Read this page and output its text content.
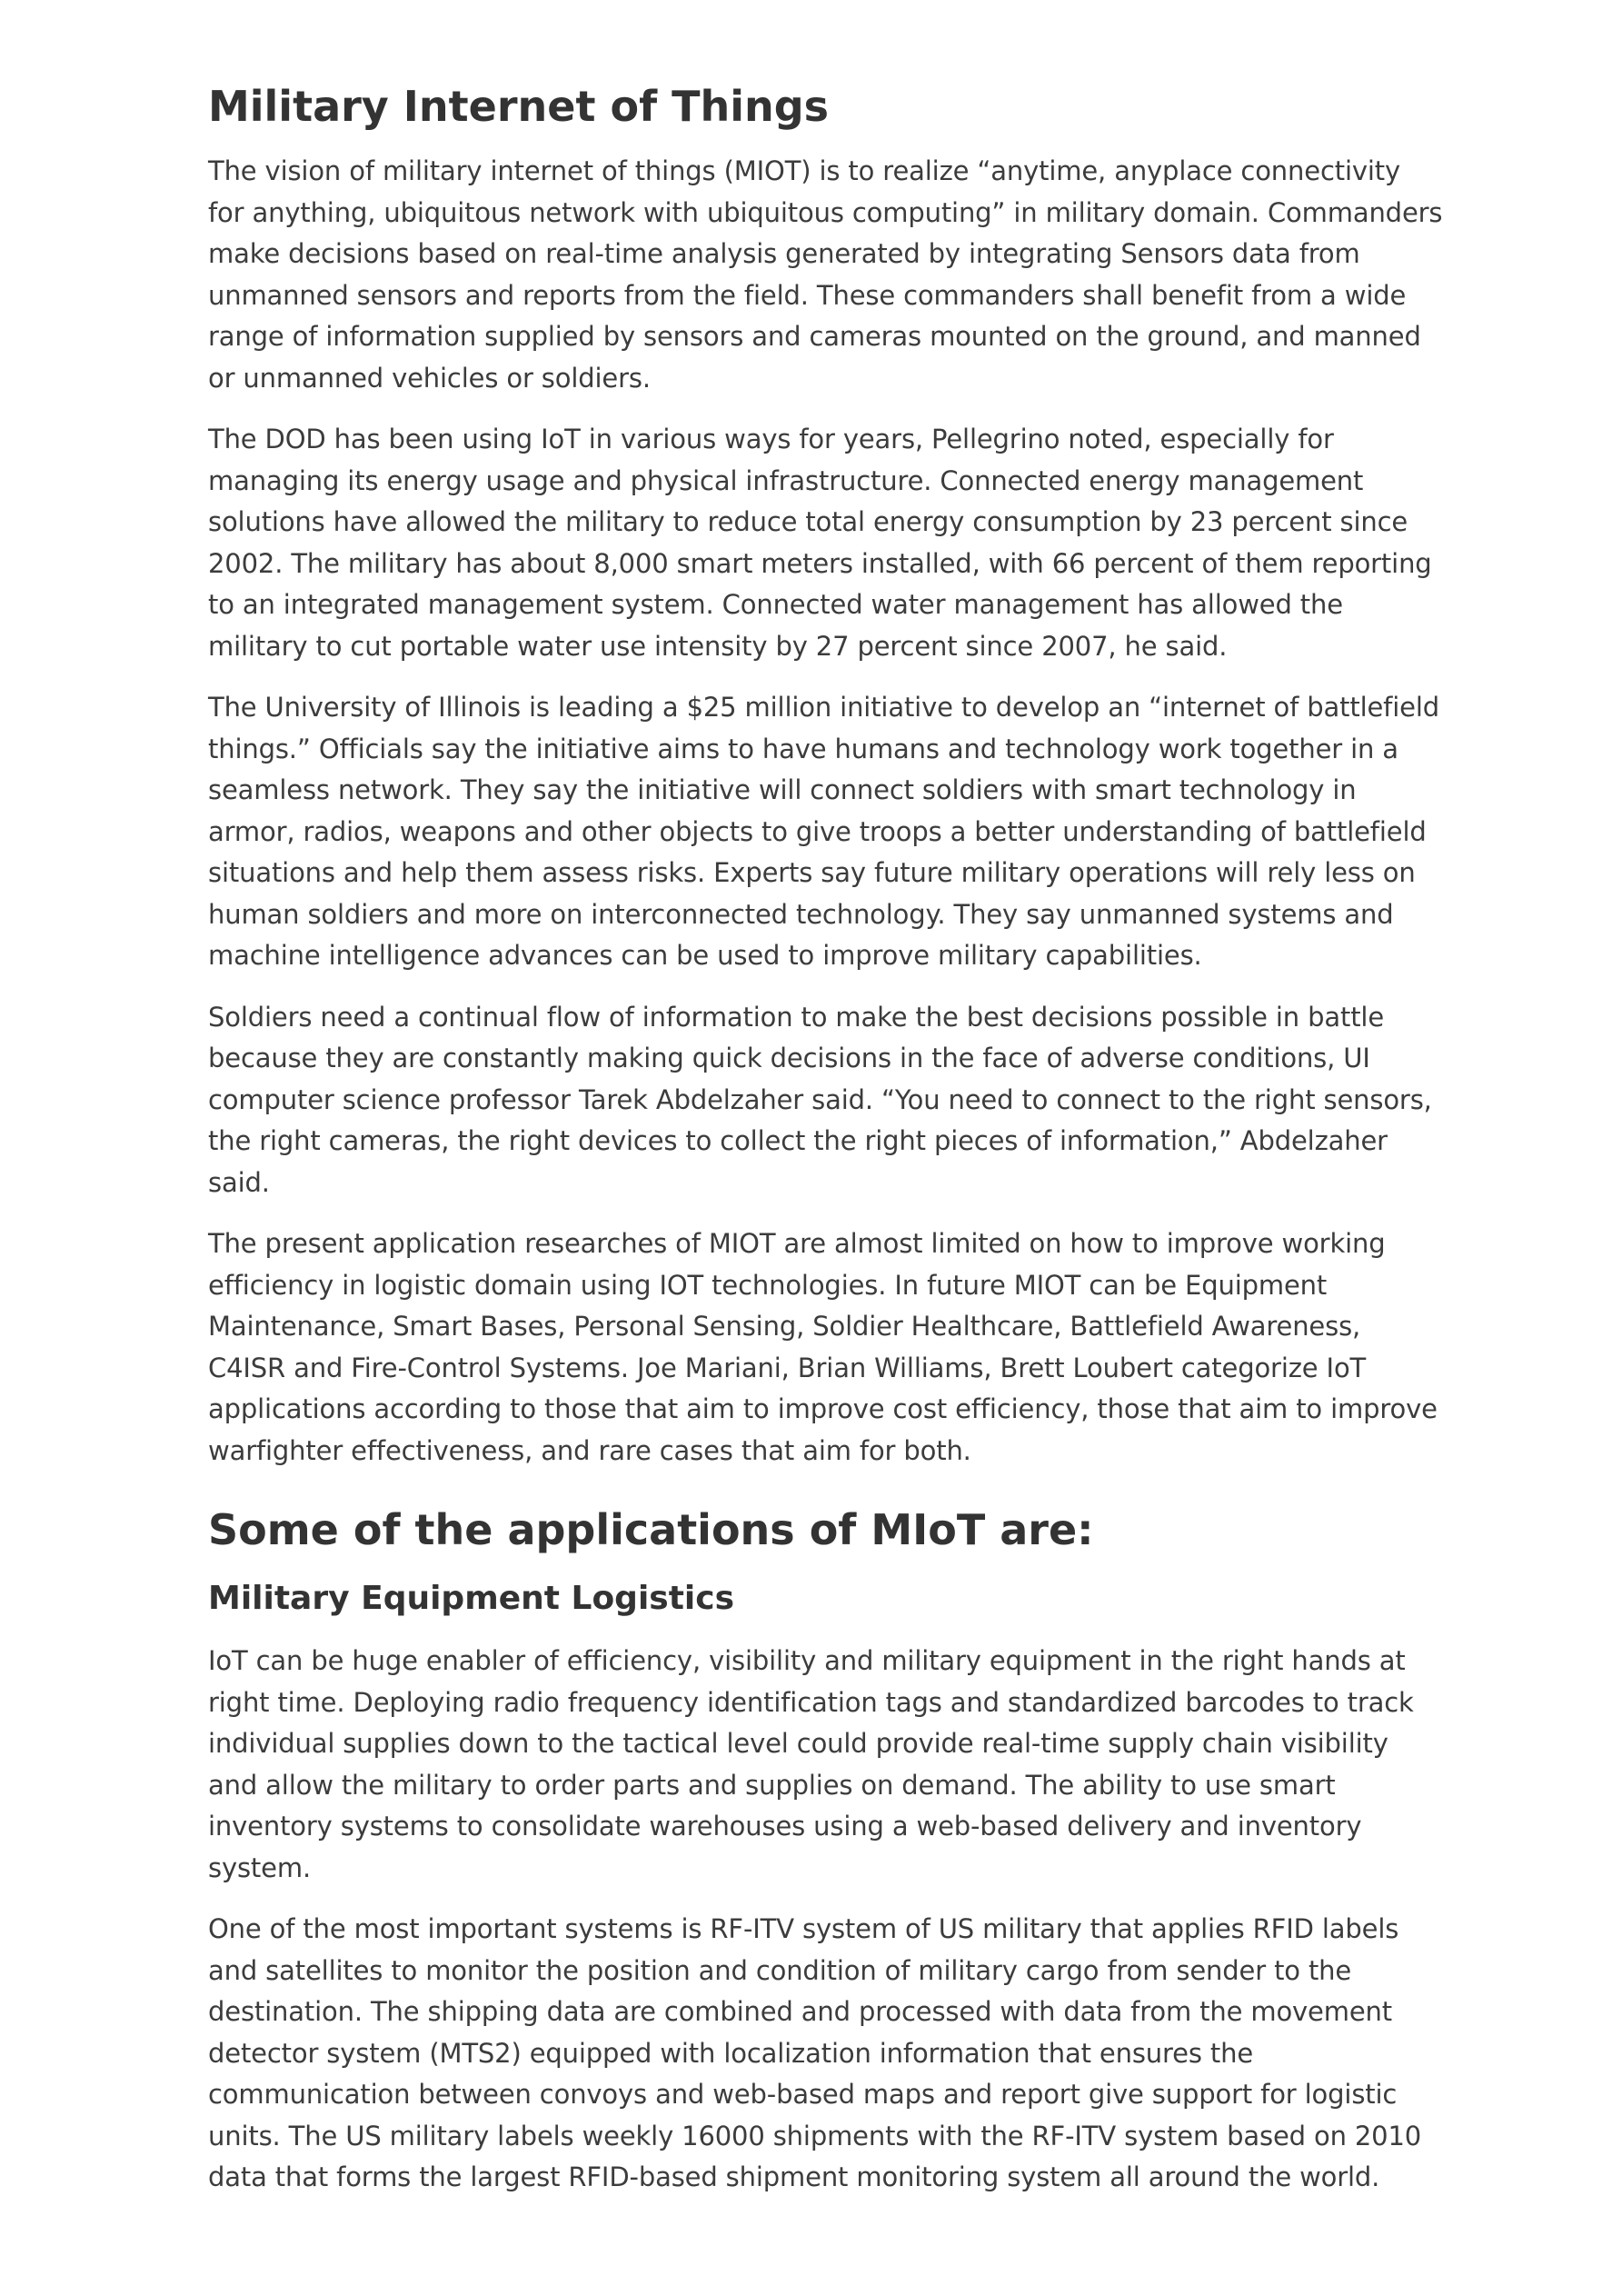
Military Internet of Things

The vision of military internet of things (MIOT) is to realize “anytime, anyplace connectivity for anything, ubiquitous network with ubiquitous computing” in military domain. Commanders make decisions based on real-time analysis generated by integrating Sensors data from unmanned sensors and reports from the field. These commanders shall benefit from a wide range of information supplied by sensors and cameras mounted on the ground, and manned or unmanned vehicles or soldiers.

The DOD has been using IoT in various ways for years, Pellegrino noted, especially for managing its energy usage and physical infrastructure. Connected energy management solutions have allowed the military to reduce total energy consumption by 23 percent since 2002. The military has about 8,000 smart meters installed, with 66 percent of them reporting to an integrated management system. Connected water management has allowed the military to cut portable water use intensity by 27 percent since 2007, he said.

The University of Illinois is leading a $25 million initiative to develop an “internet of battlefield things.” Officials say the initiative aims to have humans and technology work together in a seamless network. They say the initiative will connect soldiers with smart technology in armor, radios, weapons and other objects to give troops a better understanding of battlefield situations and help them assess risks. Experts say future military operations will rely less on human soldiers and more on interconnected technology. They say unmanned systems and machine intelligence advances can be used to improve military capabilities.

Soldiers need a continual flow of information to make the best decisions possible in battle because they are constantly making quick decisions in the face of adverse conditions, UI computer science professor Tarek Abdelzaher said. “You need to connect to the right sensors, the right cameras, the right devices to collect the right pieces of information,” Abdelzaher said.

The present application researches of MIOT are almost limited on how to improve working efficiency in logistic domain using IOT technologies. In future MIOT can be Equipment Maintenance, Smart Bases, Personal Sensing, Soldier Healthcare, Battlefield Awareness, C4ISR and Fire-Control Systems. Joe Mariani, Brian Williams, Brett Loubert categorize IoT applications according to those that aim to improve cost efficiency, those that aim to improve warfighter effectiveness, and rare cases that aim for both.

Some of the applications of MIoT are:
Military Equipment Logistics

IoT can be huge enabler of efficiency, visibility and military equipment in the right hands at right time. Deploying radio frequency identification tags and standardized barcodes to track individual supplies down to the tactical level could provide real-time supply chain visibility and allow the military to order parts and supplies on demand. The ability to use smart inventory systems to consolidate warehouses using a web-based delivery and inventory system.

One of the most important systems is RF-ITV system of US military that applies RFID labels and satellites to monitor the position and condition of military cargo from sender to the destination. The shipping data are combined and processed with data from the movement detector system (MTS2) equipped with localization information that ensures the communication between convoys and web-based maps and report give support for logistic units. The US military labels weekly 16000 shipments with the RF-ITV system based on 2010 data that forms the largest RFID-based shipment monitoring system all around the world.
